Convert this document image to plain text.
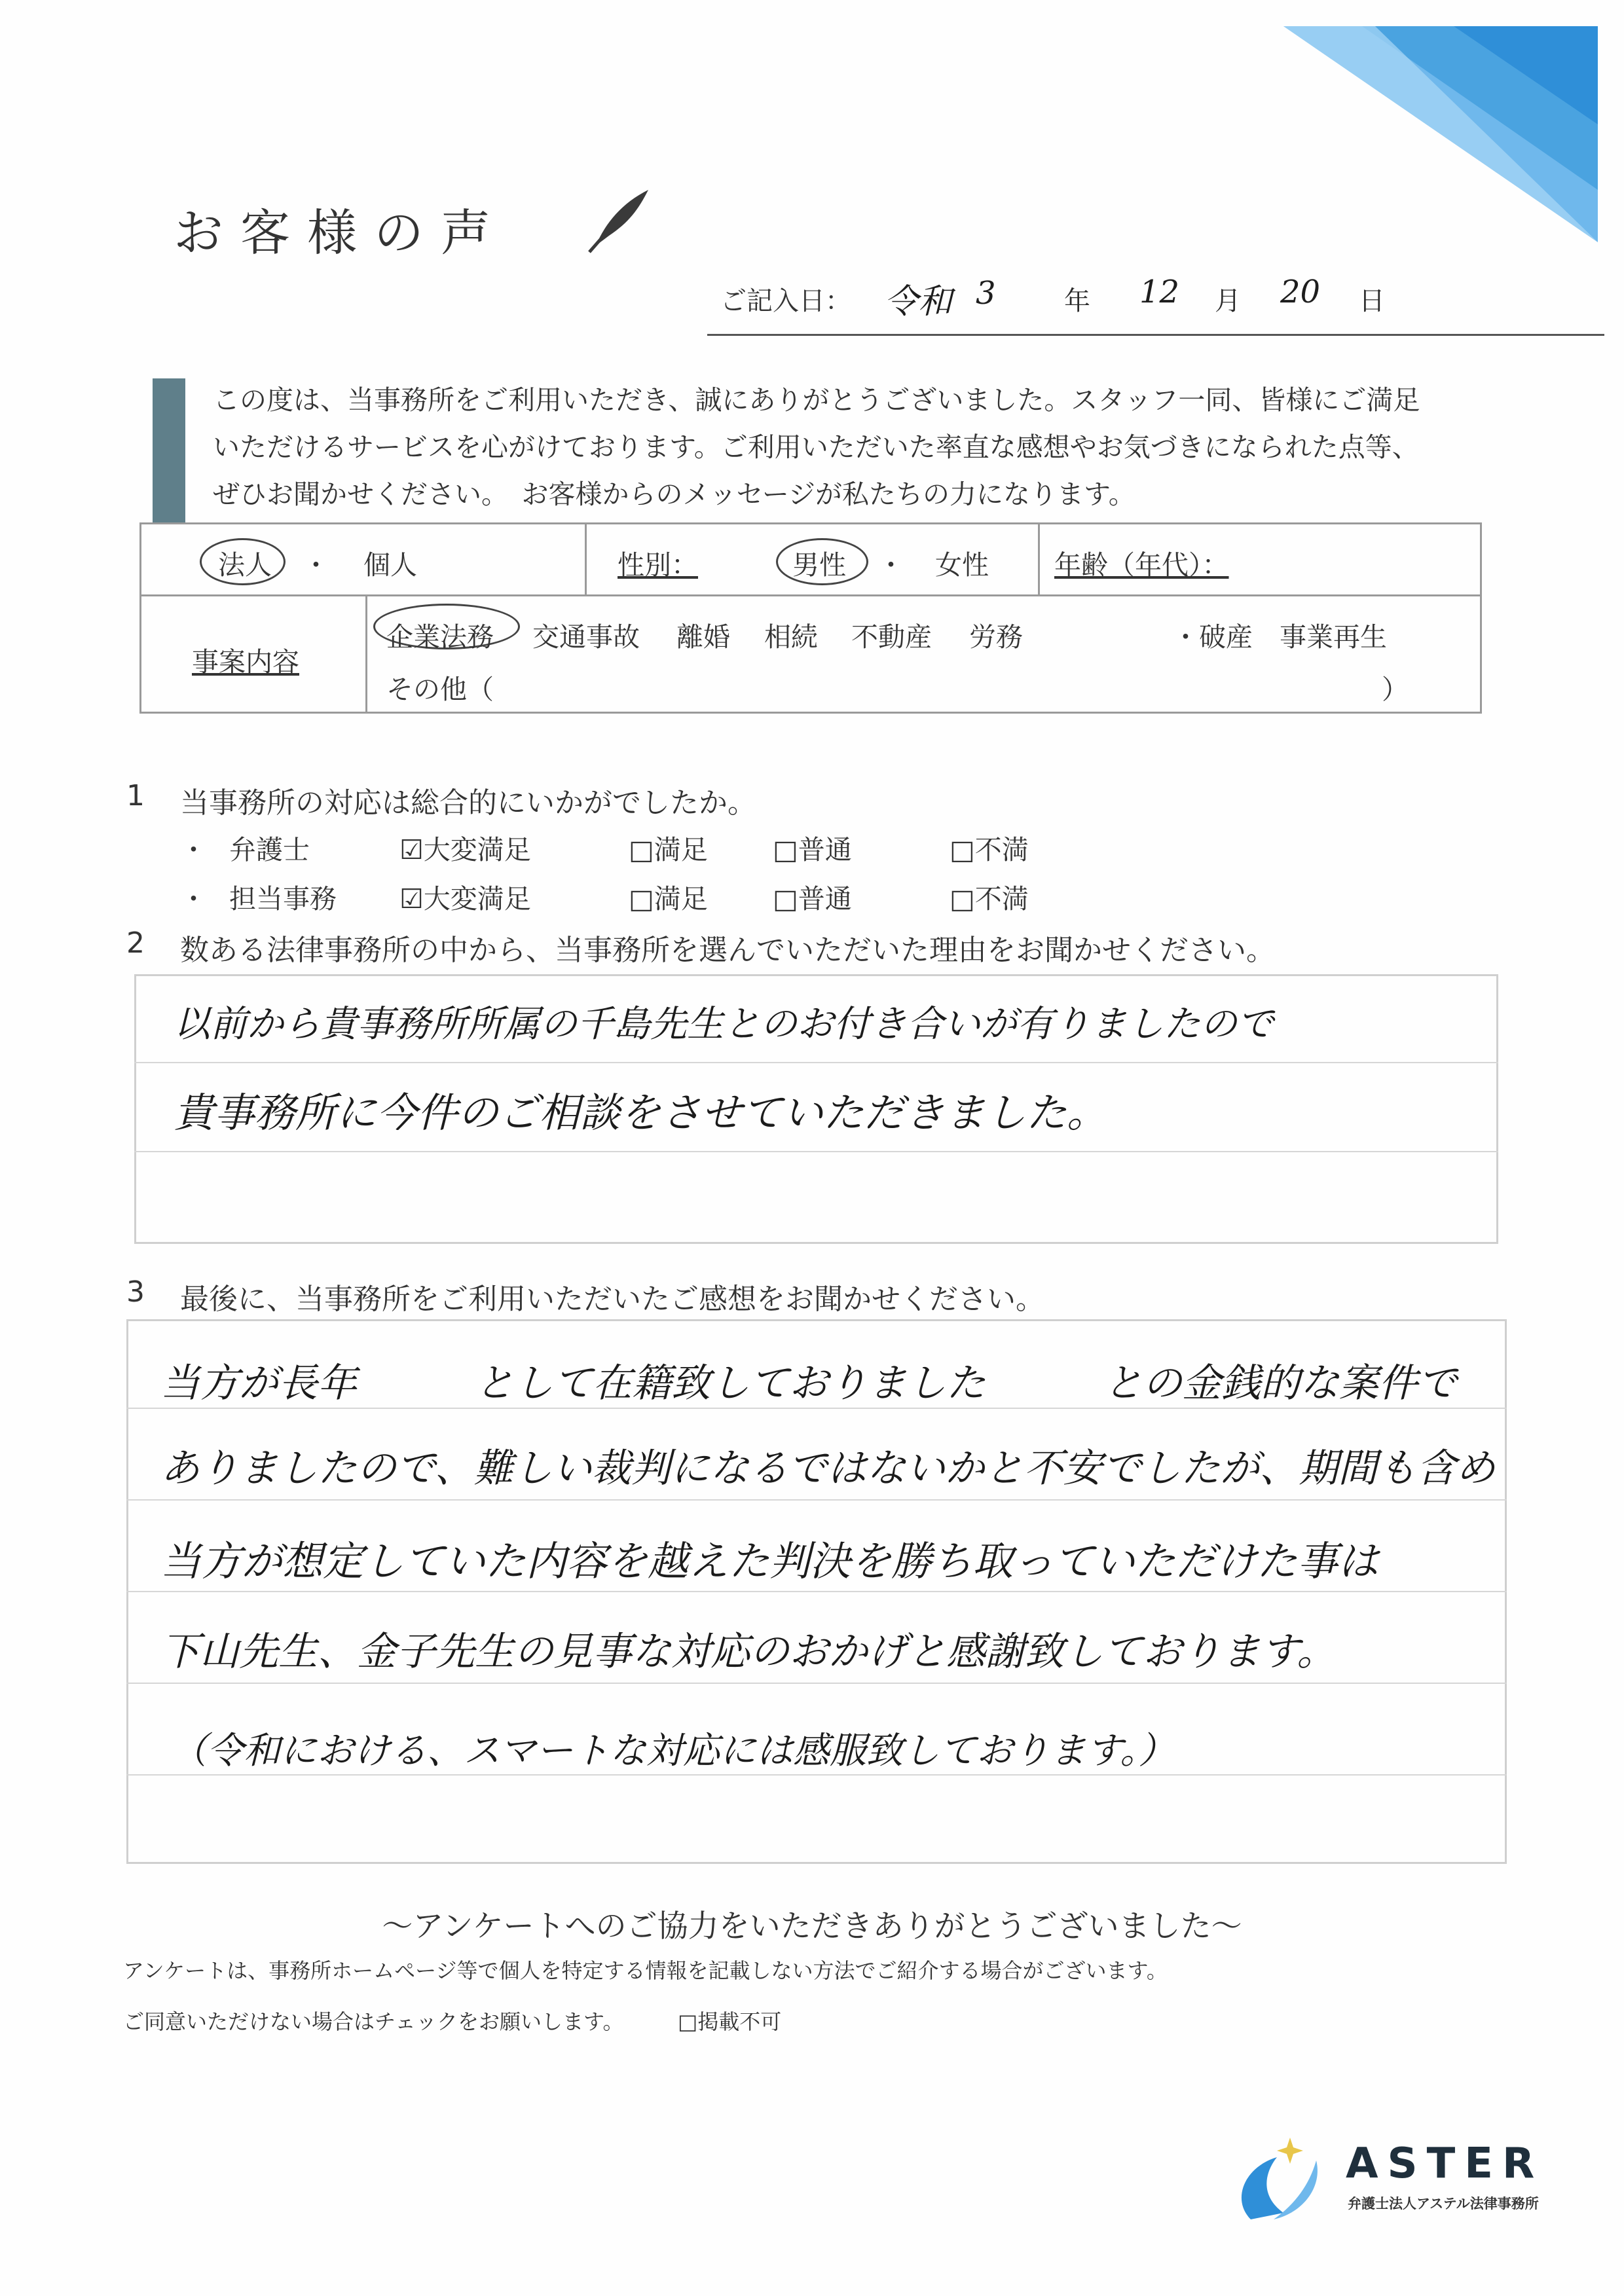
お客様の声
ご記入日： 令和 3	年 12 月 20 日
この度は、当事務所をご利用いただき、誠にありがとうございました。スタッフ一同、皆様にご満足
いただけるサービスを心がけております。ご利用いただいた率直な感想やお気づきになられた点等、
ぜひお聞かせください。　お客様からのメッセージが私たちの力になります。
法人 ・ 個人	性別：	男性 ・ 女性 年齢（年代）：
事案内容
企業法務 交通事故 離婚 相続 不動産 労務	・破産　事業再生
その他（	）
1 当事務所の対応は総合的にいかがでしたか。
・ 弁護士	☑大変満足	□満足 □普通	□不満
・ 担当事務 ☑大変満足	□満足 □普通	□不満
2 数ある法律事務所の中から、当事務所を選んでいただいた理由をお聞かせください。
以前から貴事務所所属の千島先生とのお付き合いが有りましたので
貴事務所に今件のご相談をさせていただきました。
3 最後に、当事務所をご利用いただいたご感想をお聞かせください。
当方が長年　　　として在籍致しておりました　　　との金銭的な案件で
ありましたので、難しい裁判になるではないかと不安でしたが、期間も含め
当方が想定していた内容を越えた判決を勝ち取っていただけた事は
下山先生、金子先生の見事な対応のおかげと感謝致しております。
（令和における、スマートな対応には感服致しております。）
〜アンケートへのご協力をいただきありがとうございました〜
アンケートは、事務所ホームページ等で個人を特定する情報を記載しない方法でご紹介する場合がございます。
ご同意いただけない場合はチェックをお願いします。	□掲載不可
ASTER
弁護士法人アステル法律事務所
